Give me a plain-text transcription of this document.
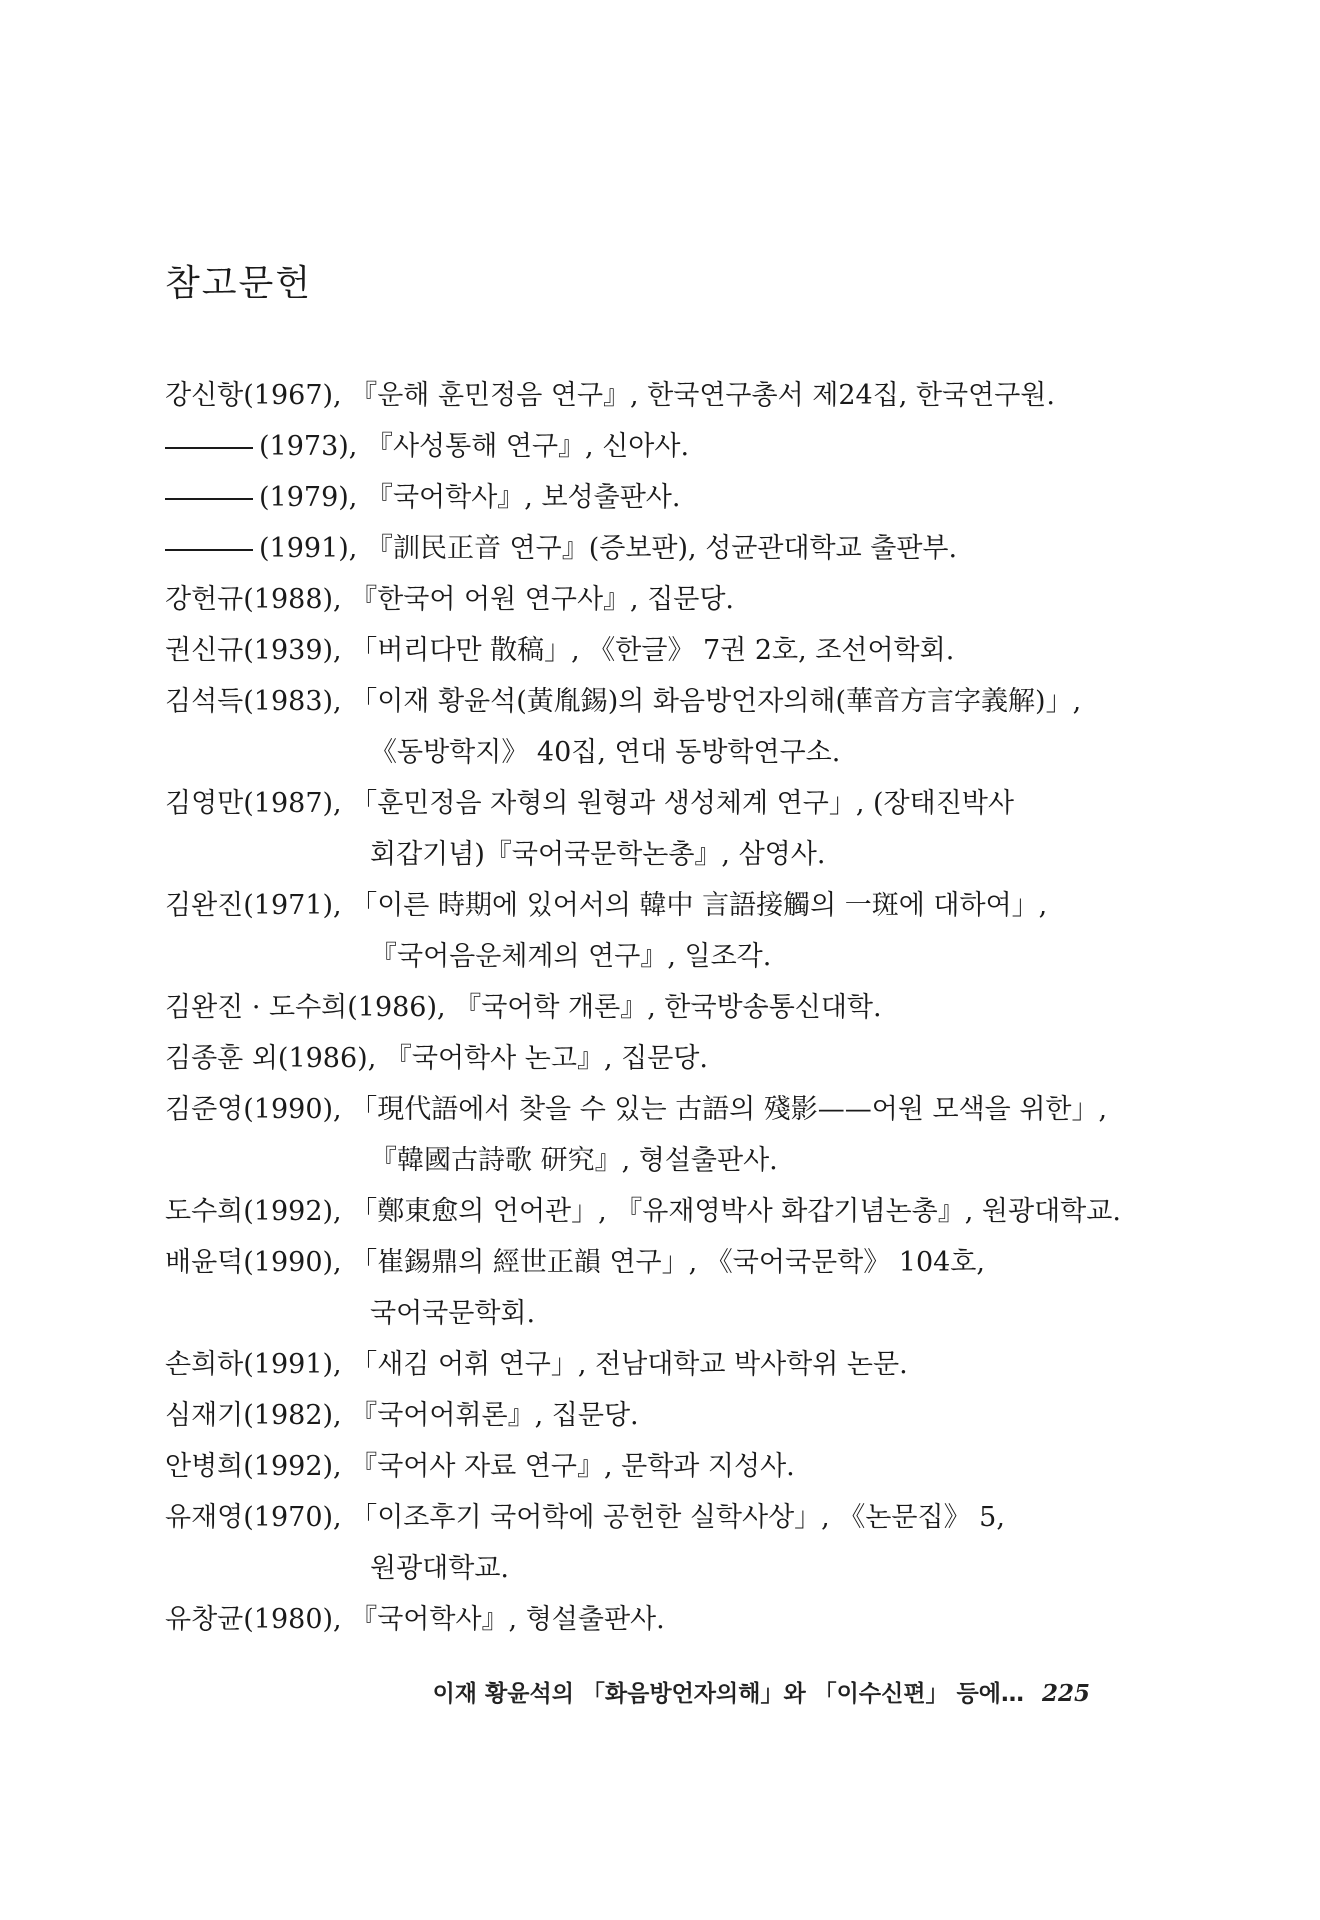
참고문헌
강신항(1967), 『운해 훈민정음 연구』, 한국연구총서 제24집, 한국연구원.
(1973), 『사성통해 연구』, 신아사.
(1979), 『국어학사』, 보성출판사.
(1991), 『訓民正音 연구』(증보판), 성균관대학교 출판부.
강헌규(1988), 『한국어 어원 연구사』, 집문당.
권신규(1939), 「버리다만 散稿」, 《한글》 7권 2호, 조선어학회.
김석득(1983), 「이재 황윤석(黃胤錫)의 화음방언자의해(華音方言字義解)」, 《동방학지》 40집, 연대 동방학연구소.
김영만(1987), 「훈민정음 자형의 원형과 생성체계 연구」, (장태진박사 회갑기념)『국어국문학논총』, 삼영사.
김완진(1971), 「이른 時期에 있어서의 韓中 言語接觸의 一斑에 대하여」, 『국어음운체계의 연구』, 일조각.
김완진 · 도수희(1986), 『국어학 개론』, 한국방송통신대학.
김종훈 외(1986), 『국어학사 논고』, 집문당.
김준영(1990), 「現代語에서 찾을 수 있는 古語의 殘影——어원 모색을 위한」, 『韓國古詩歌 研究』, 형설출판사.
도수희(1992), 「鄭東愈의 언어관」, 『유재영박사 화갑기념논총』, 원광대학교.
배윤덕(1990), 「崔錫鼎의 經世正韻 연구」, 《국어국문학》 104호, 국어국문학회.
손희하(1991), 「새김 어휘 연구」, 전남대학교 박사학위 논문.
심재기(1982), 『국어어휘론』, 집문당.
안병희(1992), 『국어사 자료 연구』, 문학과 지성사.
유재영(1970), 「이조후기 국어학에 공헌한 실학사상」, 《논문집》 5, 원광대학교.
유창균(1980), 『국어학사』, 형설출판사.
이재 황윤석의 「화음방언자의해」와 「이수신편」 등에… 225
